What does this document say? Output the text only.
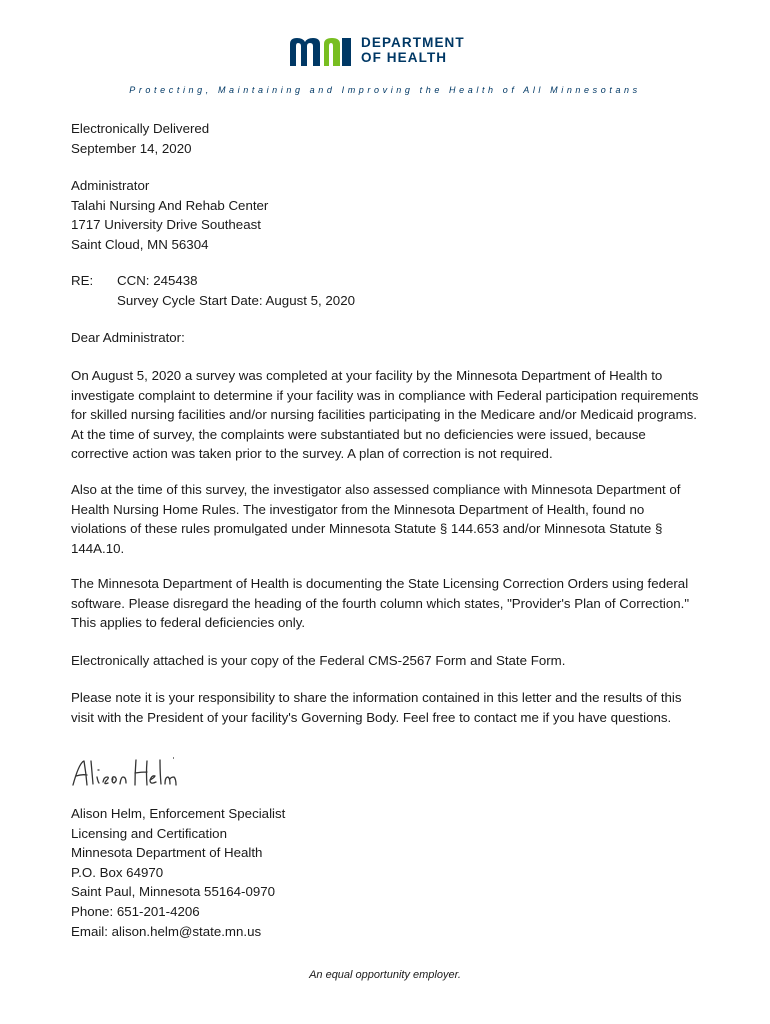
DEPARTMENT
OF HEALTH
Protecting, Maintaining and Improving the Health of All Minnesotans
Electronically Delivered
September 14, 2020
Administrator
Talahi Nursing And Rehab Center
1717 University Drive Southeast
Saint Cloud, MN 56304
RE:	CCN: 245438
Survey Cycle Start Date: August 5, 2020
Dear Administrator:
On August 5, 2020 a survey was completed at your facility by the Minnesota Department of Health to investigate complaint to determine if your facility was in compliance with Federal participation requirements for skilled nursing facilities and/or nursing facilities participating in the Medicare and/or Medicaid programs. At the time of survey, the complaints were substantiated but no deficiencies were issued, because corrective action was taken prior to the survey. A plan of correction is not required.
Also at the time of this survey, the investigator also assessed compliance with Minnesota Department of Health Nursing Home Rules. The investigator from the Minnesota Department of Health, found no violations of these rules promulgated under Minnesota Statute § 144.653 and/or Minnesota Statute § 144A.10.
The Minnesota Department of Health is documenting the State Licensing Correction Orders using federal software. Please disregard the heading of the fourth column which states, "Provider's Plan of Correction." This applies to federal deficiencies only.
Electronically attached is your copy of the Federal CMS-2567 Form and State Form.
Please note it is your responsibility to share the information contained in this letter and the results of this visit with the President of your facility's Governing Body. Feel free to contact me if you have questions.
Alison Helm, Enforcement Specialist
Licensing and Certification
Minnesota Department of Health
P.O. Box 64970
Saint Paul, Minnesota 55164-0970
Phone: 651-201-4206
Email: alison.helm@state.mn.us
An equal opportunity employer.
